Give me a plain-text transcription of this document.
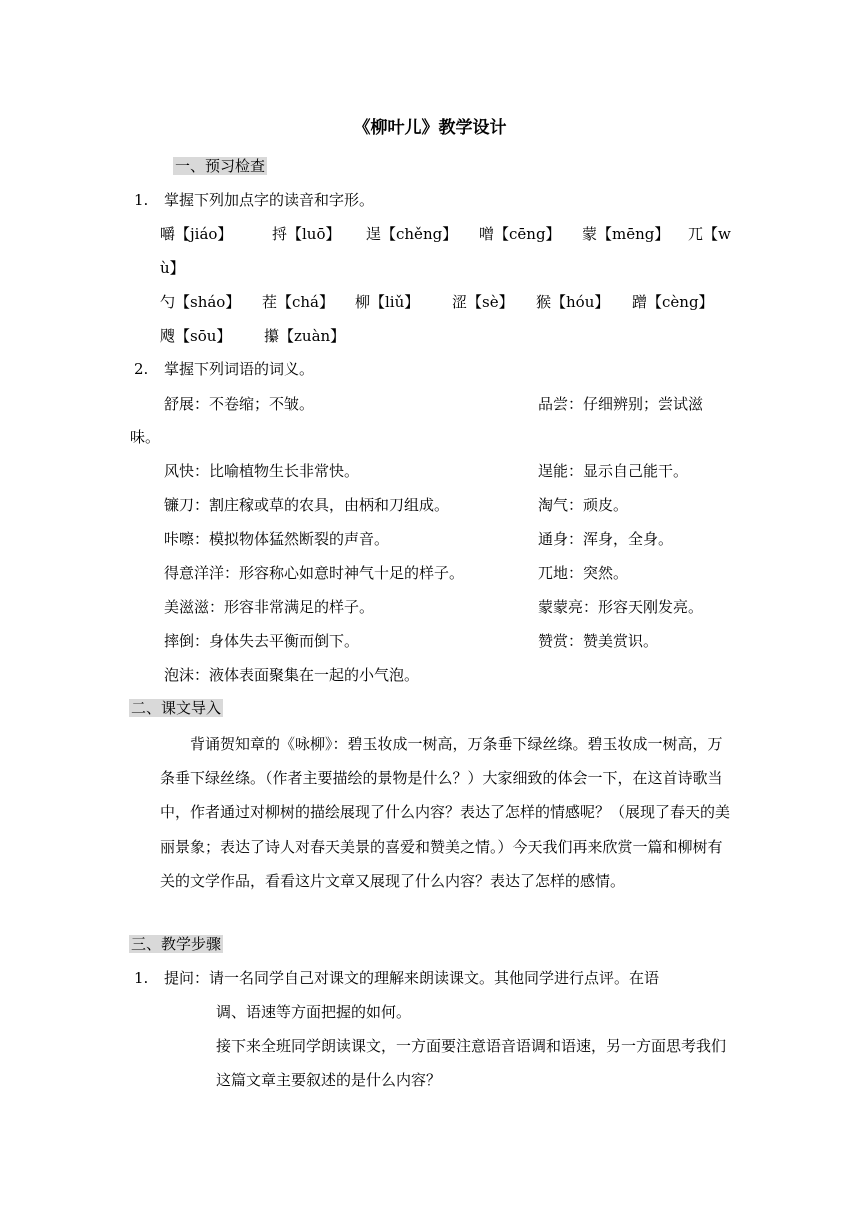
《柳叶儿》教学设计
一、预习检查
1. 掌握下列加点字的读音和字形。
嚼【jiáo】	捋【luō】 逞【chěng】 噌【cēng】 蒙【mēng】 兀【w
ù】
勺【sháo】 茬【chá】 柳【liǔ】 涩【sè】 猴【hóu】 蹭【cèng】
飕【sōu】 攥【zuàn】
2. 掌握下列词语的词义。
舒展：不卷缩；不皱。
风快：比喻植物生长非常快。
镰刀：割庄稼或草的农具，由柄和刀组成。
咔嚓：模拟物体猛然断裂的声音。
得意洋洋：形容称心如意时神气十足的样子。
美滋滋：形容非常满足的样子。
摔倒：身体失去平衡而倒下。
泡沫：液体表面聚集在一起的小气泡。
品尝：仔细辨别；尝试滋
味。
逞能：显示自己能干。
淘气：顽皮。
通身：浑身，全身。
兀地：突然。
蒙蒙亮：形容天刚发亮。
赞赏：赞美赏识。
二、课文导入

背诵贺知章的《咏柳》：碧玉妆成一树高，万条垂下绿丝绦。碧玉妆成一树高，万条垂下绿丝绦。（作者主要描绘的景物是什么？）大家细致的体会一下，在这首诗歌当中，作者通过对柳树的描绘展现了什么内容？表达了怎样的情感呢？（展现了春天的美丽景象；表达了诗人对春天美景的喜爱和赞美之情。）今天我们再来欣赏一篇和柳树有关的文学作品，看看这片文章又展现了什么内容？表达了怎样的感情。

三、教学步骤
1. 提问：请一名同学自己对课文的理解来朗读课文。其他同学进行点评。在语
调、语速等方面把握的如何。
接下来全班同学朗读课文，一方面要注意语音语调和语速，另一方面思考我们这篇文章主要叙述的是什么内容？
